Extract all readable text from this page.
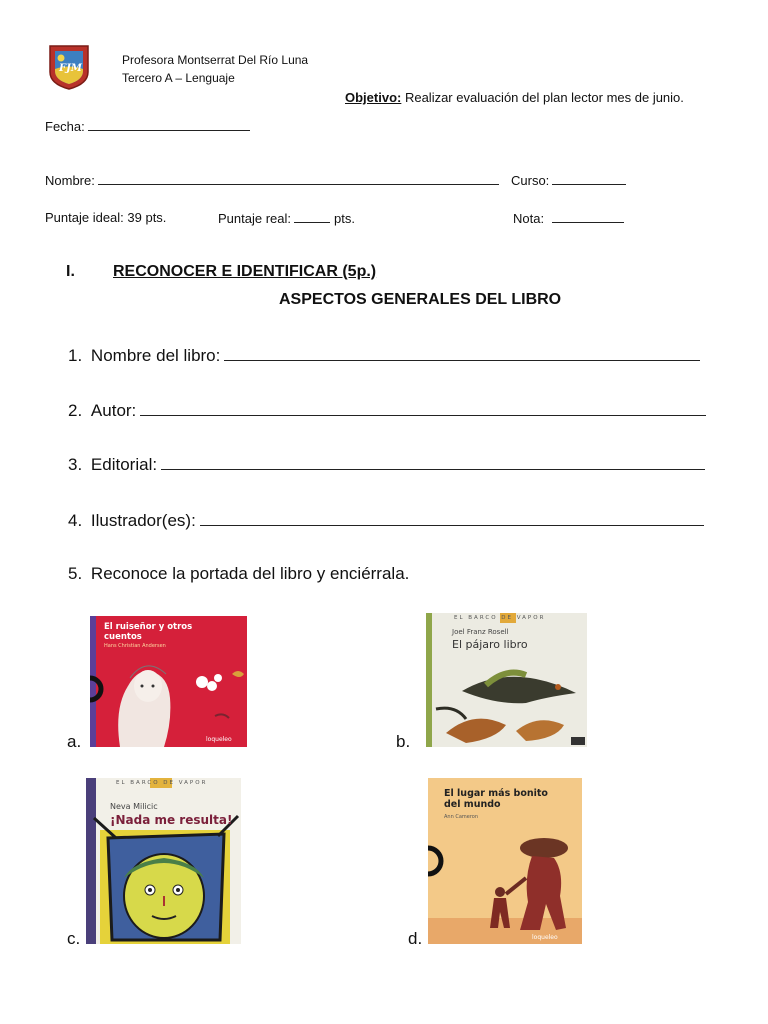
FJM
Profesora Montserrat Del Río Luna
Tercero A – Lenguaje
Objetivo: Realizar evaluación del plan lector mes de junio.
Fecha:
Nombre:	Curso:
Puntaje ideal: 39 pts.	Puntaje real:	pts.	Nota:
I. RECONOCER E IDENTIFICAR (5p.)
ASPECTOS GENERALES DEL LIBRO
1. Nombre del libro:
2. Autor:
3. Editorial:
4. Ilustrador(es):
5. Reconoce la portada del libro y enciérrala.
a.	b.
c.	d.
El ruiseñor y otros cuentos
Hans Christian Andersen
loqueleo
EL BARCO DE VAPOR
Joel Franz Rosell
El pájaro libro
EL BARCO DE VAPOR
Neva Milicic
¡Nada me resulta!
El lugar más bonito del mundo
Ann Cameron
loqueleo
